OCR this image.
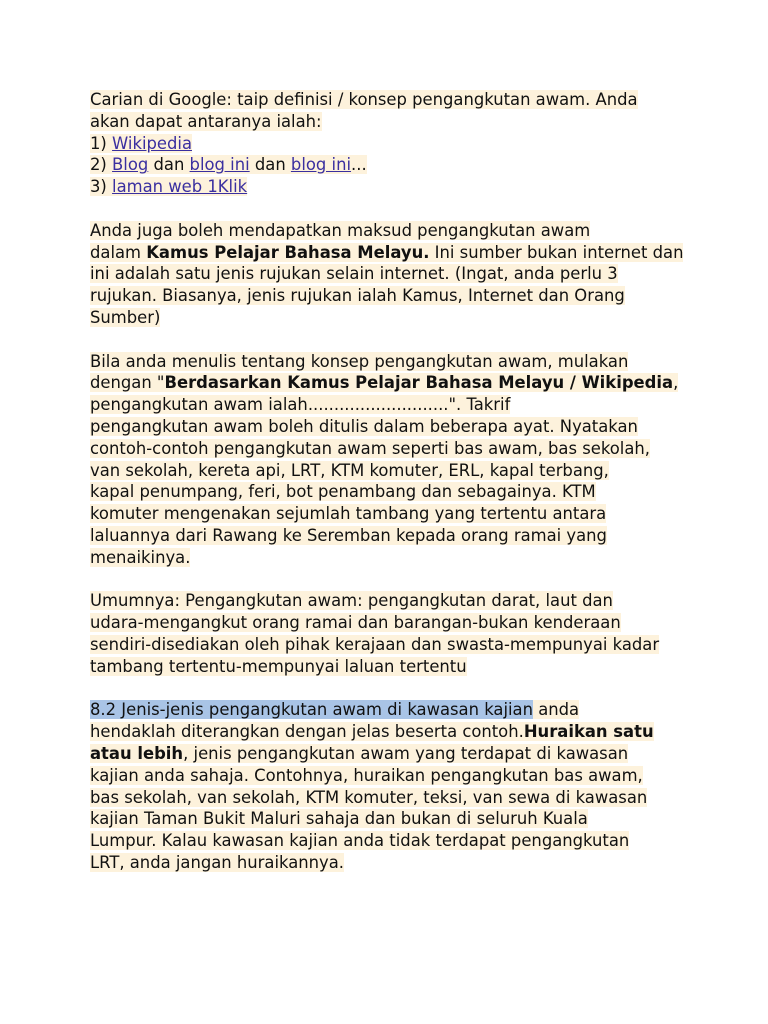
Carian di Google: taip definisi / konsep pengangkutan awam. Anda
akan dapat antaranya ialah:
1) Wikipedia
2) Blog dan blog ini dan blog ini...
3) laman web 1Klik
Anda juga boleh mendapatkan maksud pengangkutan awam
dalam Kamus Pelajar Bahasa Melayu. Ini sumber bukan internet dan
ini adalah satu jenis rujukan selain internet. (Ingat, anda perlu 3
rujukan. Biasanya, jenis rujukan ialah Kamus, Internet dan Orang
Sumber)
Bila anda menulis tentang konsep pengangkutan awam, mulakan
dengan "Berdasarkan Kamus Pelajar Bahasa Melayu / Wikipedia,
pengangkutan awam ialah...........................". Takrif
pengangkutan awam boleh ditulis dalam beberapa ayat. Nyatakan
contoh-contoh pengangkutan awam seperti bas awam, bas sekolah,
van sekolah, kereta api, LRT, KTM komuter, ERL, kapal terbang,
kapal penumpang, feri, bot penambang dan sebagainya. KTM
komuter mengenakan sejumlah tambang yang tertentu antara
laluannya dari Rawang ke Seremban kepada orang ramai yang
menaikinya.
Umumnya: Pengangkutan awam: pengangkutan darat, laut dan
udara-mengangkut orang ramai dan barangan-bukan kenderaan
sendiri-disediakan oleh pihak kerajaan dan swasta-mempunyai kadar
tambang tertentu-mempunyai laluan tertentu
8.2 Jenis-jenis pengangkutan awam di kawasan kajian anda
hendaklah diterangkan dengan jelas beserta contoh.Huraikan satu
atau lebih, jenis pengangkutan awam yang terdapat di kawasan
kajian anda sahaja. Contohnya, huraikan pengangkutan bas awam,
bas sekolah, van sekolah, KTM komuter, teksi, van sewa di kawasan
kajian Taman Bukit Maluri sahaja dan bukan di seluruh Kuala
Lumpur. Kalau kawasan kajian anda tidak terdapat pengangkutan
LRT, anda jangan huraikannya.
